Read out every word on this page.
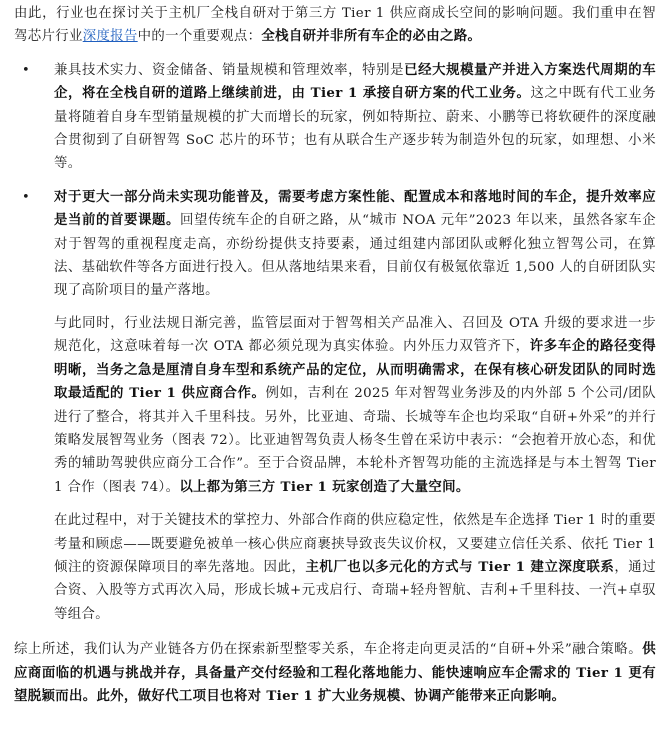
由此，行业也在探讨关于主机厂全栈自研对于第三方 Tier 1 供应商成长空间的影响问题。我们重申在智驾芯片行业深度报告中的一个重要观点：全栈自研并非所有车企的必由之路。

• 兼具技术实力、资金储备、销量规模和管理效率，特别是已经大规模量产并进入方案迭代周期的车企，将在全栈自研的道路上继续前进，由 Tier 1 承接自研方案的代工业务。这之中既有代工业务量将随着自身车型销量规模的扩大而增长的玩家，例如特斯拉、蔚来、小鹏等已将软硬件的深度融合贯彻到了自研智驾 SoC 芯片的环节；也有从联合生产逐步转为制造外包的玩家，如理想、小米等。

• 对于更大一部分尚未实现功能普及，需要考虑方案性能、配置成本和落地时间的车企，提升效率应是当前的首要课题。回望传统车企的自研之路，从“城市 NOA 元年”2023 年以来，虽然各家车企对于智驾的重视程度走高，亦纷纷提供支持要素，通过组建内部团队或孵化独立智驾公司，在算法、基础软件等各方面进行投入。但从落地结果来看，目前仅有极氪依靠近 1,500 人的自研团队实现了高阶项目的量产落地。

与此同时，行业法规日渐完善，监管层面对于智驾相关产品准入、召回及 OTA 升级的要求进一步规范化，这意味着每一次 OTA 都必须兑现为真实体验。内外压力双管齐下，许多车企的路径变得明晰，当务之急是厘清自身车型和系统产品的定位，从而明确需求，在保有核心研发团队的同时选取最适配的 Tier 1 供应商合作。例如，吉利在 2025 年对智驾业务涉及的内外部 5 个公司/团队进行了整合，将其并入千里科技。另外，比亚迪、奇瑞、长城等车企也均采取“自研+外采”的并行策略发展智驾业务（图表 72）。比亚迪智驾负责人杨冬生曾在采访中表示：“会抱着开放心态，和优秀的辅助驾驶供应商分工合作”。至于合资品牌，本轮朴齐智驾功能的主流选择是与本土智驾 Tier 1 合作（图表 74）。以上都为第三方 Tier 1 玩家创造了大量空间。

在此过程中，对于关键技术的掌控力、外部合作商的供应稳定性，依然是车企选择 Tier 1 时的重要考量和顾虑——既要避免被单一核心供应商裹挟导致丧失议价权，又要建立信任关系、依托 Tier 1 倾注的资源保障项目的率先落地。因此，主机厂也以多元化的方式与 Tier 1 建立深度联系，通过合资、入股等方式再次入局，形成长城+元戎启行、奇瑞+轻舟智航、吉利+千里科技、一汽+卓驭等组合。

综上所述，我们认为产业链各方仍在探索新型整零关系，车企将走向更灵活的“自研+外采”融合策略。供应商面临的机遇与挑战并存，具备量产交付经验和工程化落地能力、能快速响应车企需求的 Tier 1 更有望脱颖而出。此外，做好代工项目也将对 Tier 1 扩大业务规模、协调产能带来正向影响。
